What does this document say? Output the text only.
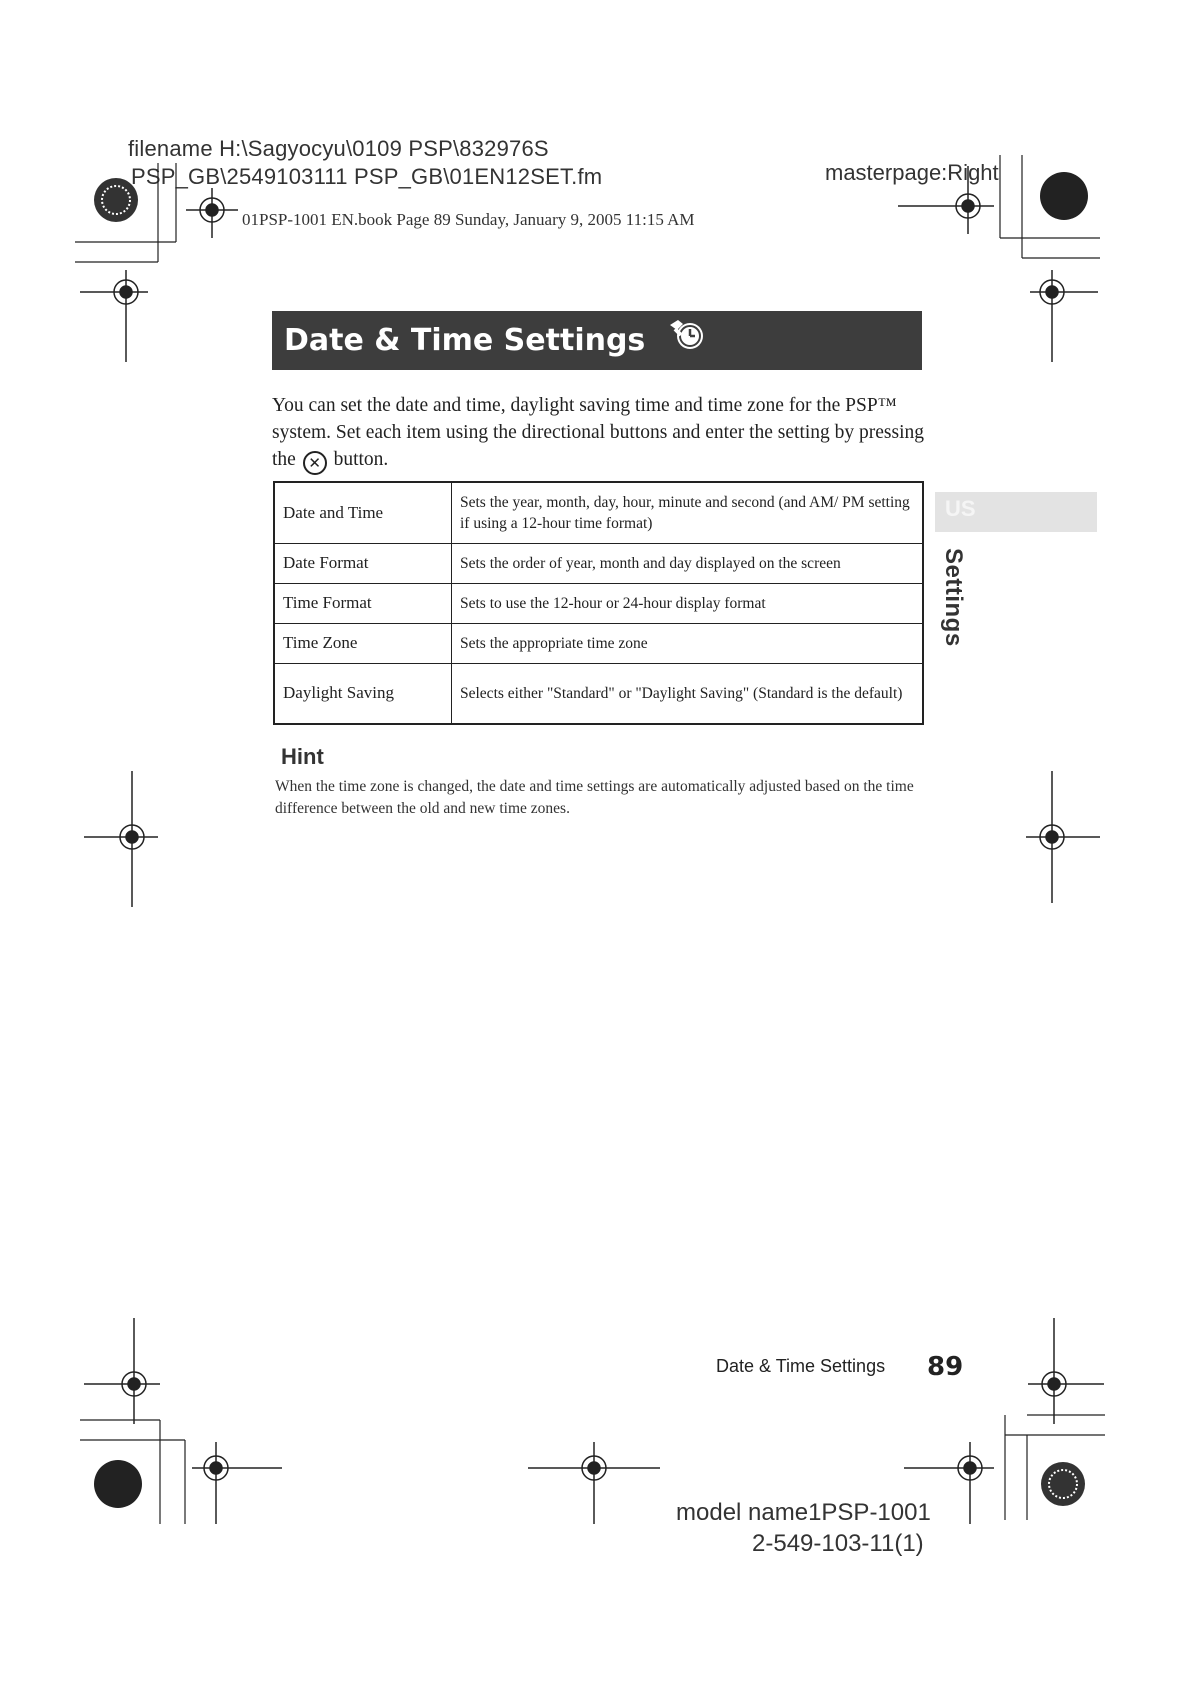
filename H:\Sagyocyu\0109 PSP\832976S
PSP_GB\2549103111 PSP_GB\01EN12SET.fm
01PSP-1001 EN.book Page 89 Sunday, January 9, 2005 11:15 AM
masterpage:Right
Date & Time Settings
You can set the date and time, daylight saving time and time zone for the PSP™ system. Set each item using the directional buttons and enter the setting by pressing the ✕ button.
Date and Time	Sets the year, month, day, hour, minute and second (and AM/ PM setting if using a 12-hour time format)
Date Format	Sets the order of year, month and day displayed on the screen
Time Format	Sets to use the 12-hour or 24-hour display format
Time Zone	Sets the appropriate time zone
Daylight Saving	Selects either "Standard" or "Daylight Saving" (Standard is the default)
US
Settings
Hint
When the time zone is changed, the date and time settings are automatically adjusted based on the time difference between the old and new time zones.
Date & Time Settings 89
model name1PSP-1001
2-549-103-11(1)
